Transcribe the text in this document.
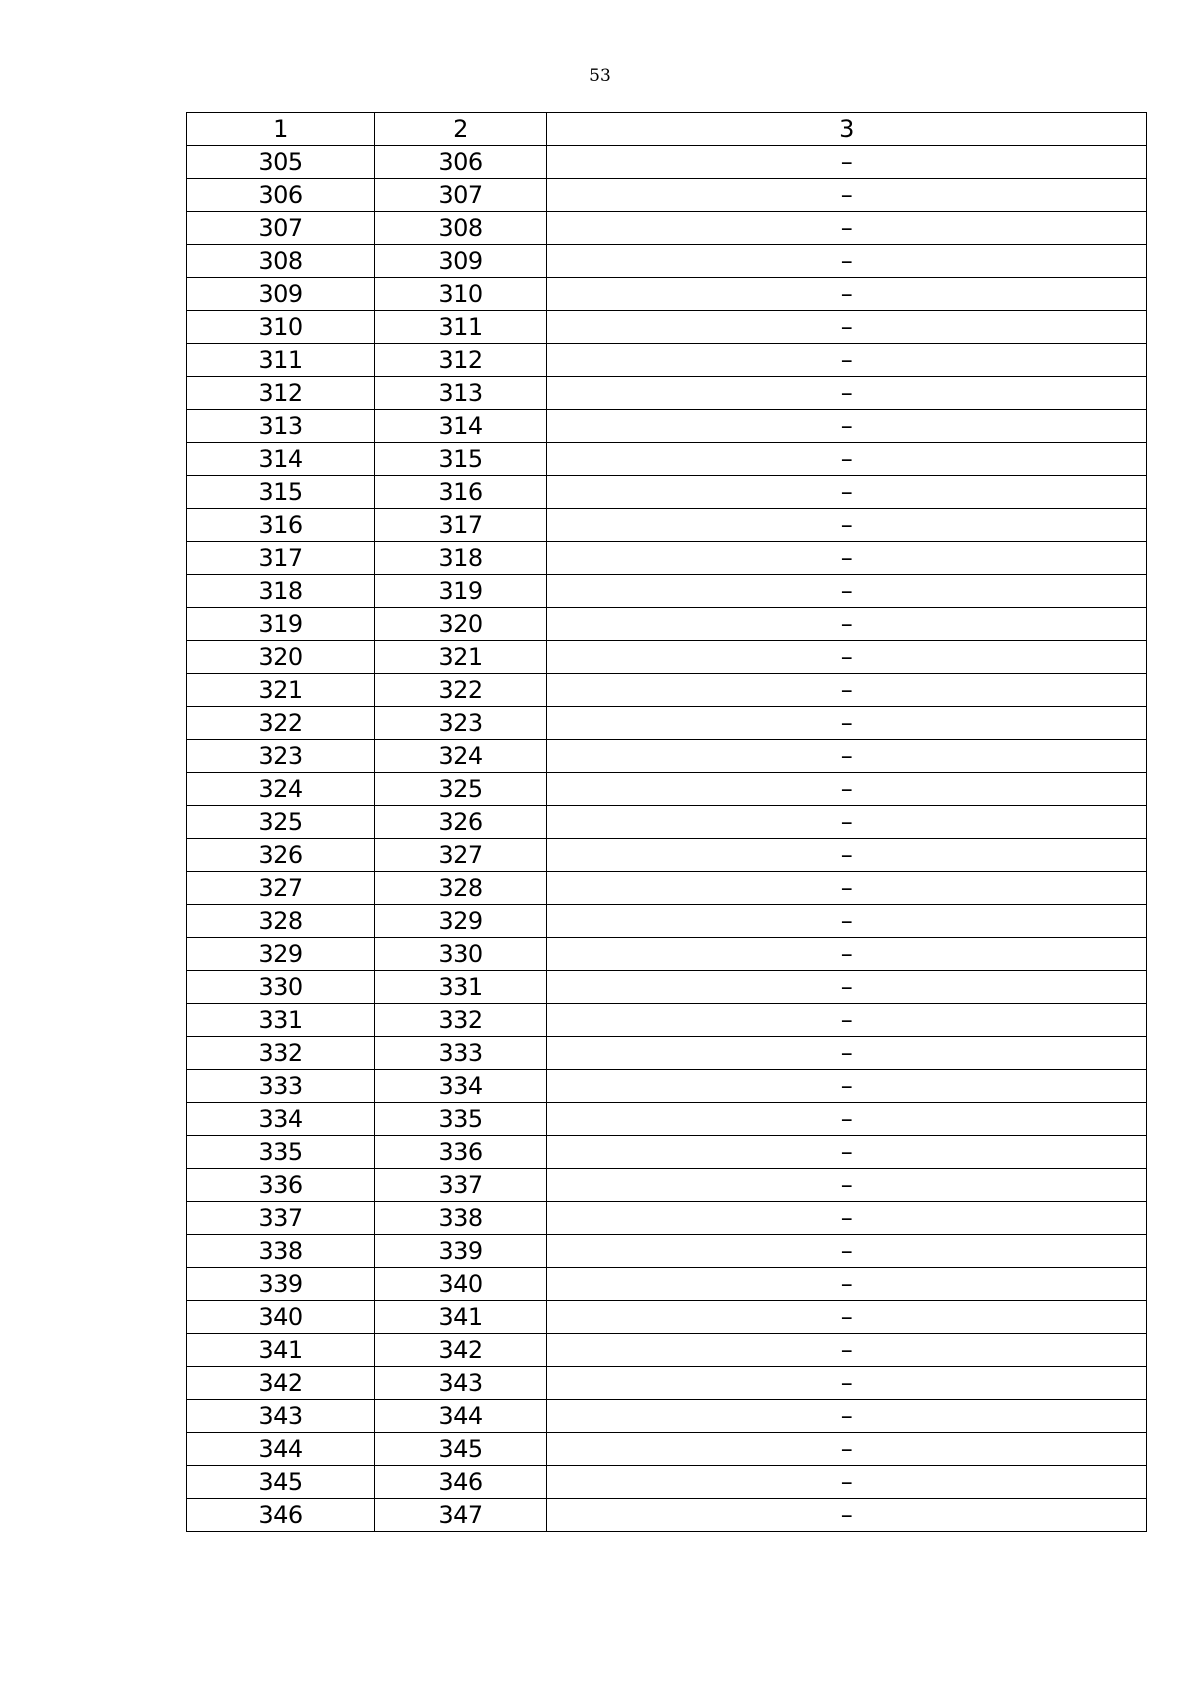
53
1	2	3
305	306	–
306	307	–
307	308	–
308	309	–
309	310	–
310	311	–
311	312	–
312	313	–
313	314	–
314	315	–
315	316	–
316	317	–
317	318	–
318	319	–
319	320	–
320	321	–
321	322	–
322	323	–
323	324	–
324	325	–
325	326	–
326	327	–
327	328	–
328	329	–
329	330	–
330	331	–
331	332	–
332	333	–
333	334	–
334	335	–
335	336	–
336	337	–
337	338	–
338	339	–
339	340	–
340	341	–
341	342	–
342	343	–
343	344	–
344	345	–
345	346	–
346	347	–
